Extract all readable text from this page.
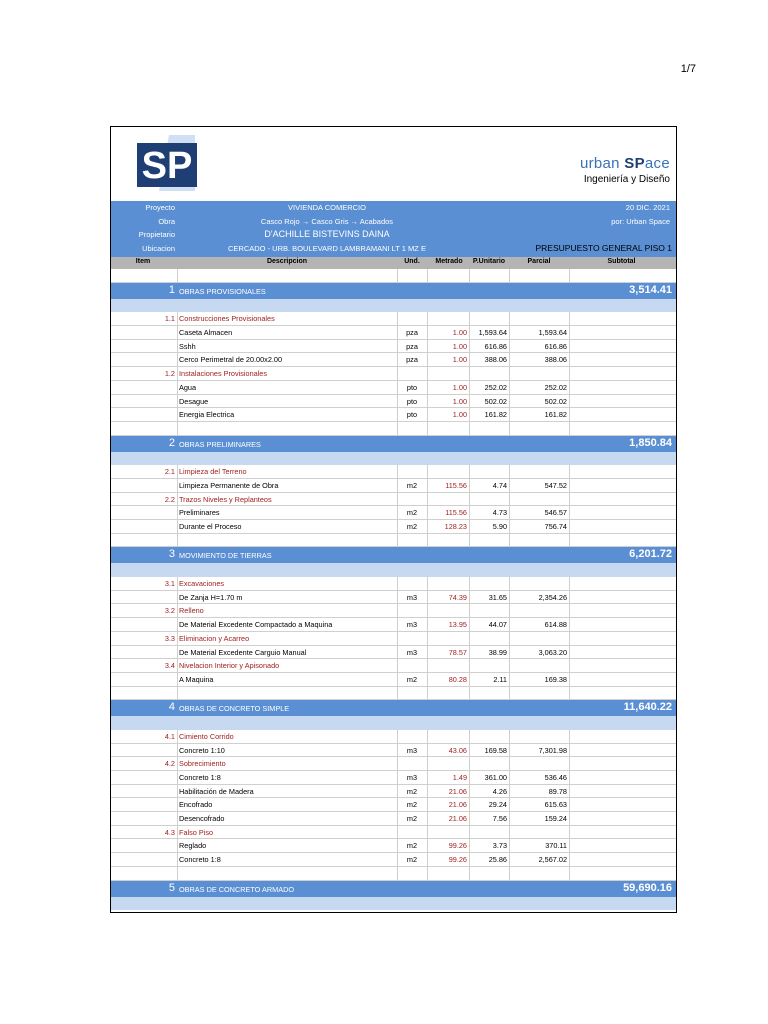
1/7
SP	urban SPace
Ingeniería y Diseño
Proyecto	VIVIENDA COMERCIO	20 DIC. 2021
Obra	Casco Rojo → Casco Gris → Acabados	por: Urban Space
Propietario	D'ACHILLE BISTEVINS DAINA
Ubicacion	CERCADO - URB. BOULEVARD LAMBRAMANI LT 1 MZ E	PRESUPUESTO GENERAL PISO 1
Item	Descripcion	Und.	Metrado	P.Unitario	Parcial	Subtotal
1 OBRAS PROVISIONALES	3,514.41
1.1 Construcciones Provisionales
Caseta Almacen	pza	1.00	1,593.64	1,593.64
Sshh	pza	1.00	616.86	616.86
Cerco Perimetral de 20.00x2.00	pza	1.00	388.06	388.06
1.2 Instalaciones Provisionales
Agua	pto	1.00	252.02	252.02
Desague	pto	1.00	502.02	502.02
Energia Electrica	pto	1.00	161.82	161.82
2 OBRAS PRELIMINARES	1,850.84
2.1 Limpieza del Terreno
Limpieza Permanente de Obra	m2	115.56	4.74	547.52
2.2 Trazos Niveles y Replanteos
Preliminares	m2	115.56	4.73	546.57
Durante el Proceso	m2	128.23	5.90	756.74
3 MOVIMIENTO DE TIERRAS	6,201.72
3.1 Excavaciones
De Zanja H=1.70 m	m3	74.39	31.65	2,354.26
3.2 Relleno
De Material Excedente Compactado a Maquina	m3	13.95	44.07	614.88
3.3 Eliminacion y Acarreo
De Material Excedente Carguio Manual	m3	78.57	38.99	3,063.20
3.4 Nivelacion Interior y Apisonado
A Maquina	m2	80.28	2.11	169.38
4 OBRAS DE CONCRETO SIMPLE	11,640.22
4.1 Cimiento Corrido
Concreto 1:10	m3	43.06	169.58	7,301.98
4.2 Sobrecimiento
Concreto 1:8	m3	1.49	361.00	536.46
Habilitación de Madera	m2	21.06	4.26	89.78
Encofrado	m2	21.06	29.24	615.63
Desencofrado	m2	21.06	7.56	159.24
4.3 Falso Piso
Reglado	m2	99.26	3.73	370.11
Concreto 1:8	m2	99.26	25.86	2,567.02
5 OBRAS DE CONCRETO ARMADO	59,690.16
